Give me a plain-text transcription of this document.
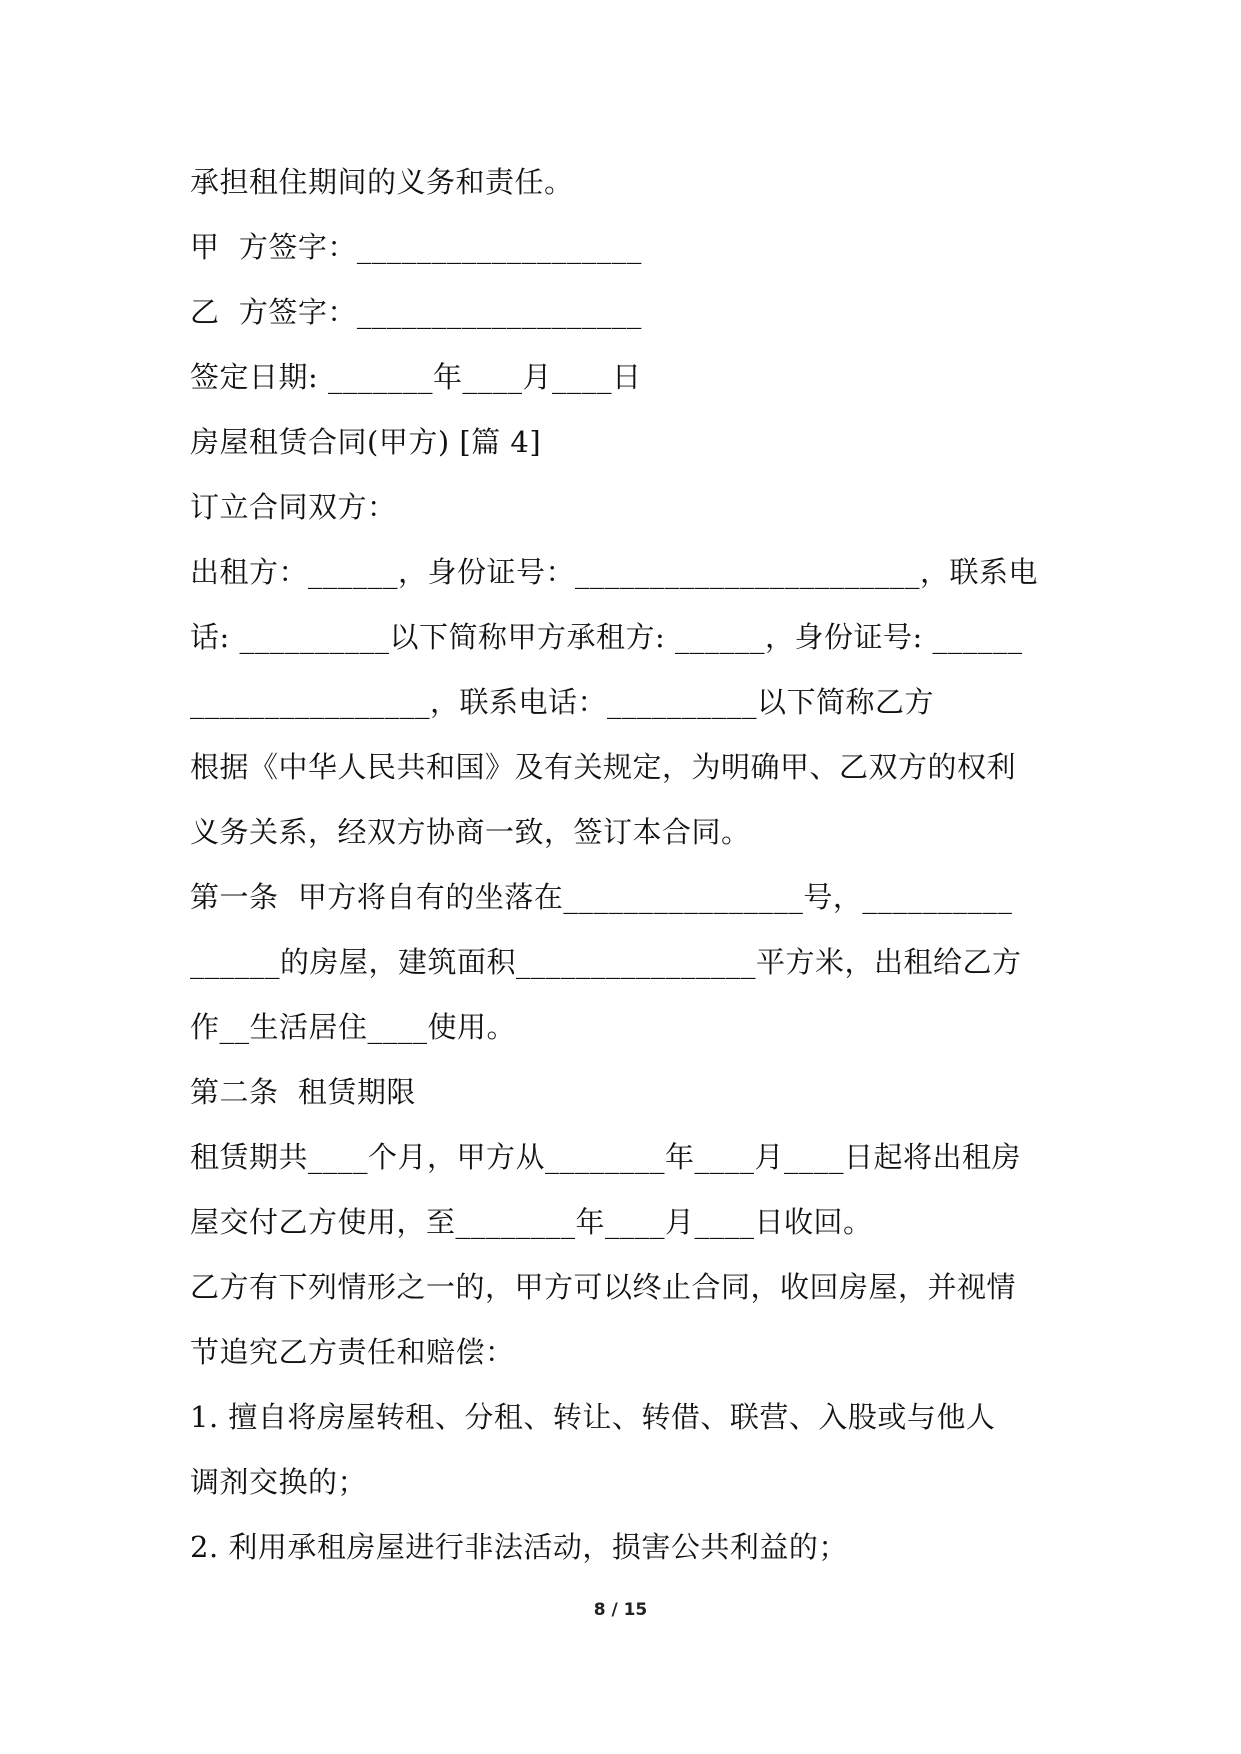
承担租住期间的义务和责任。
甲  方签字：___________________
乙  方签字：___________________
签定日期: _______年____月____日
房屋租赁合同(甲方) [篇 4]
订立合同双方：
出租方：______，身份证号：_______________________，联系电
话: __________以下简称甲方承租方: ______，身份证号: ______
________________，联系电话：__________以下简称乙方
根据《中华人民共和国》及有关规定，为明确甲、乙双方的权利
义务关系，经双方协商一致，签订本合同。
第一条  甲方将自有的坐落在________________号，__________
______的房屋，建筑面积________________平方米，出租给乙方
作__生活居住____使用。
第二条  租赁期限
租赁期共____个月，甲方从________年____月____日起将出租房
屋交付乙方使用，至________年____月____日收回。
乙方有下列情形之一的，甲方可以终止合同，收回房屋，并视情
节追究乙方责任和赔偿：
1. 擅自将房屋转租、分租、转让、转借、联营、入股或与他人
调剂交换的；
2. 利用承租房屋进行非法活动，损害公共利益的；
8 / 15
